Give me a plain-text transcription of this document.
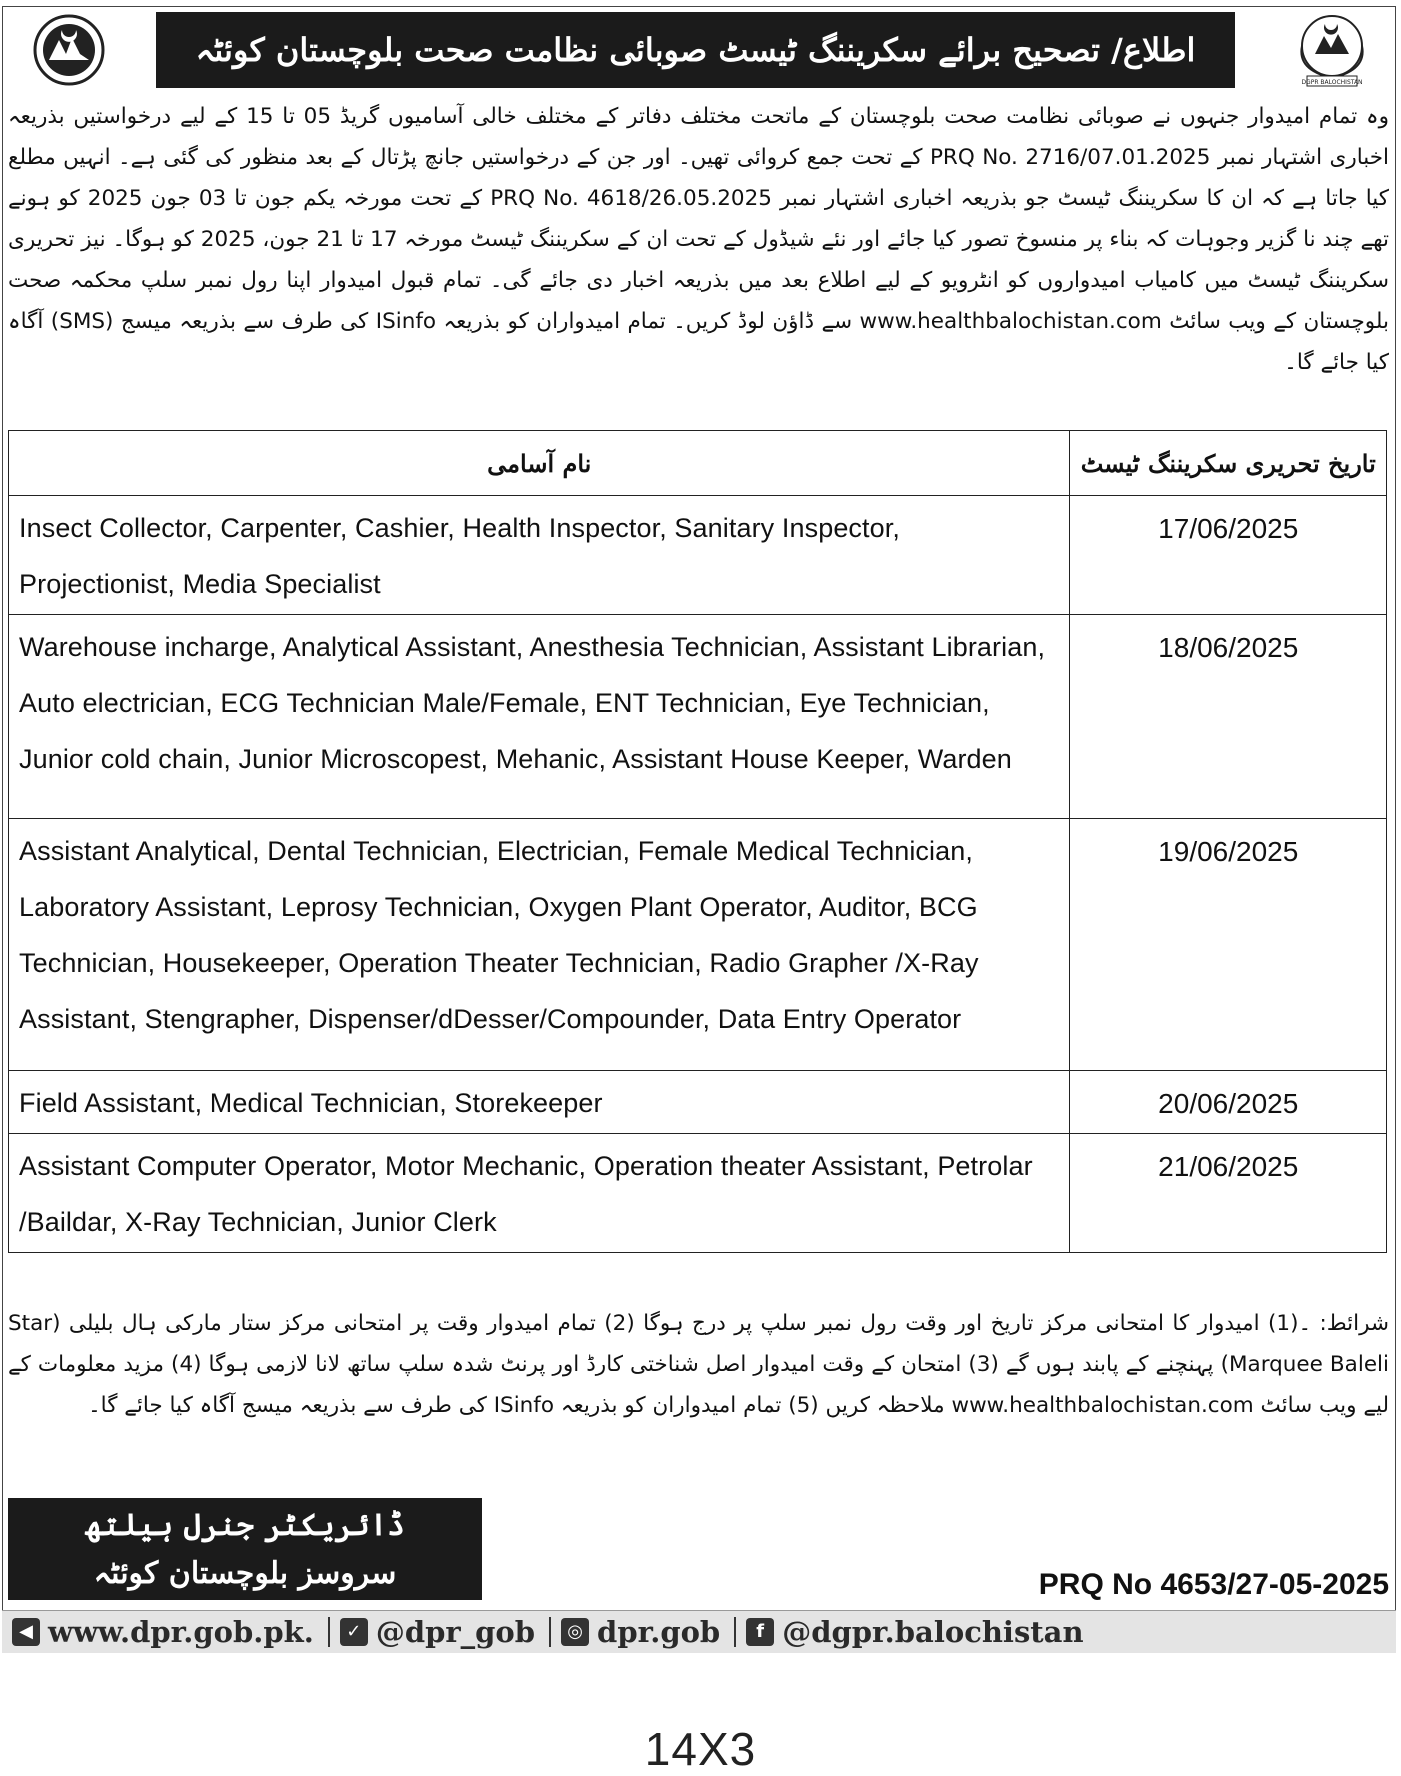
DGPR BALOCHISTAN
اطلاع/ تصحیح برائے سکریننگ ٹیسٹ صوبائی نظامت صحت بلوچستان کوئٹہ
وہ تمام امیدوار جنہوں نے صوبائی نظامت صحت بلوچستان کے ماتحت مختلف دفاتر کے مختلف خالی آسامیوں گریڈ 05 تا 15 کے لیے درخواستیں بذریعہ اخباری اشتہار نمبر PRQ No. 2716/07.01.2025 کے تحت جمع کروائی تھیں۔ اور جن کے درخواستیں جانچ پڑتال کے بعد منظور کی گئی ہے۔ انہیں مطلع کیا جاتا ہے کہ ان کا سکریننگ ٹیسٹ جو بذریعہ اخباری اشتہار نمبر PRQ No. 4618/26.05.2025 کے تحت مورخہ یکم جون تا 03 جون 2025 کو ہونے تھے چند نا گزیر وجوہات کہ بناء پر منسوخ تصور کیا جائے اور نئے شیڈول کے تحت ان کے سکریننگ ٹیسٹ مورخہ 17 تا 21 جون، 2025 کو ہوگا۔ نیز تحریری سکریننگ ٹیسٹ میں کامیاب امیدواروں کو انٹرویو کے لیے اطلاع بعد میں بذریعہ اخبار دی جائے گی۔ تمام قبول امیدوار اپنا رول نمبر سلپ محکمہ صحت بلوچستان کے ویب سائٹ www.healthbalochistan.com سے ڈاؤن لوڈ کریں۔ تمام امیدواران کو بذریعہ ISinfo کی طرف سے بذریعہ میسج (SMS) آگاہ کیا جائے گا۔
نام آسامی	تاریخ تحریری سکریننگ ٹیسٹ
Insect Collector, Carpenter, Cashier, Health Inspector, Sanitary Inspector, Projectionist, Media Specialist	17/06/2025
Warehouse incharge, Analytical Assistant, Anesthesia Technician, Assistant Librarian, Auto electrician, ECG Technician Male/Female, ENT Technician, Eye Technician, Junior cold chain, Junior Microscopest, Mehanic, Assistant House Keeper, Warden	18/06/2025
Assistant Analytical, Dental Technician, Electrician, Female Medical Technician, Laboratory Assistant, Leprosy Technician, Oxygen Plant Operator, Auditor, BCG Technician, Housekeeper, Operation Theater Technician, Radio Grapher /X-Ray Assistant, Stengrapher, Dispenser/dDesser/Compounder, Data Entry Operator	19/06/2025
Field Assistant, Medical Technician, Storekeeper	20/06/2025
Assistant Computer Operator, Motor Mechanic, Operation theater Assistant, Petrolar /Baildar, X-Ray Technician, Junior Clerk	21/06/2025
شرائط: ۔(1) امیدوار کا امتحانی مرکز تاریخ اور وقت رول نمبر سلپ پر درج ہوگا (2) تمام امیدوار وقت پر امتحانی مرکز ستار مارکی ہال بلیلی (Star Marquee Baleli) پہنچنے کے پابند ہوں گے (3) امتحان کے وقت امیدوار اصل شناختی کارڈ اور پرنٹ شدہ سلپ ساتھ لانا لازمی ہوگا (4) مزید معلومات کے لیے ویب سائٹ www.healthbalochistan.com ملاحظہ کریں (5) تمام امیدواران کو بذریعہ ISinfo کی طرف سے بذریعہ میسج آگاہ کیا جائے گا۔
ڈائریکٹر جنرل ہیلتھ
سروسز بلوچستان کوئٹہ	PRQ No 4653/27-05-2025
◀ www.dpr.gob.pk.	✓ @dpr_gob	◎ dpr.gob	f @dgpr.balochistan
14X3
